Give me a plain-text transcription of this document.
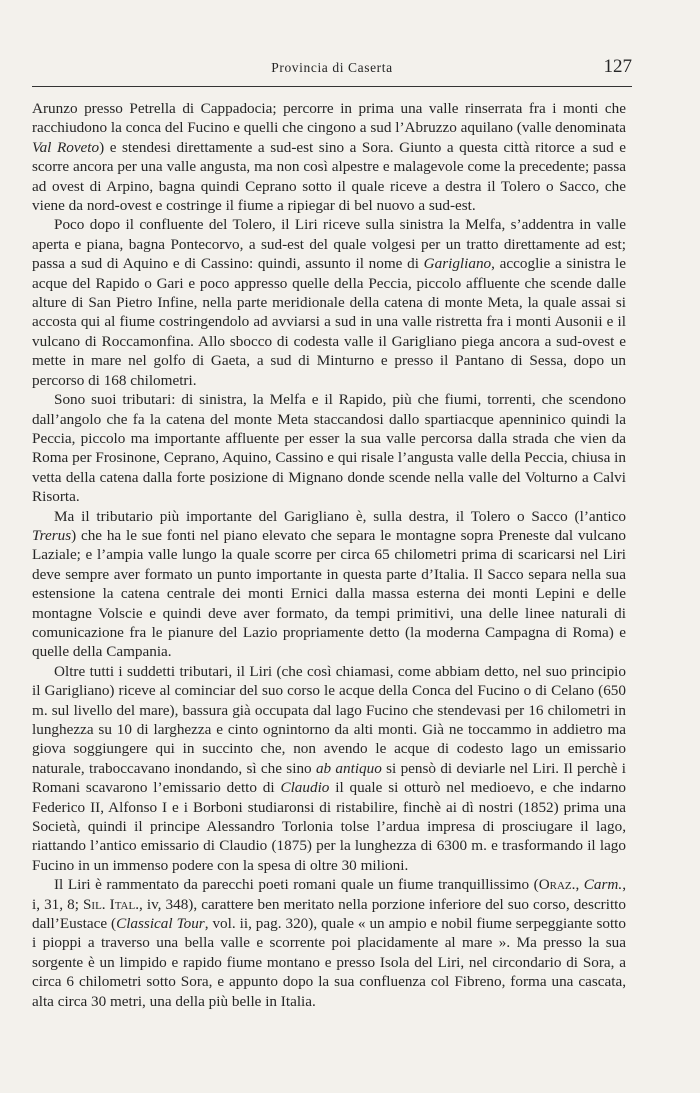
Provincia di Caserta	127

Arunzo presso Petrella di Cappadocia; percorre in prima una valle rinserrata fra i monti che racchiudono la conca del Fucino e quelli che cingono a sud l’Abruzzo aquilano (valle denominata Val Roveto) e stendesi direttamente a sud-est sino a Sora. Giunto a questa città ritorce a sud e scorre ancora per una valle angusta, ma non così alpestre e malagevole come la precedente; passa ad ovest di Arpino, bagna quindi Ceprano sotto il quale riceve a destra il Tolero o Sacco, che viene da nord-ovest e costringe il fiume a ripiegar di bel nuovo a sud-est.

Poco dopo il confluente del Tolero, il Liri riceve sulla sinistra la Melfa, s’addentra in valle aperta e piana, bagna Pontecorvo, a sud-est del quale volgesi per un tratto direttamente ad est; passa a sud di Aquino e di Cassino: quindi, assunto il nome di Garigliano, accoglie a sinistra le acque del Rapido o Gari e poco appresso quelle della Peccia, piccolo affluente che scende dalle alture di San Pietro Infine, nella parte meridionale della catena di monte Meta, la quale assai si accosta qui al fiume costringendolo ad avviarsi a sud in una valle ristretta fra i monti Ausonii e il vulcano di Roccamonfina. Allo sbocco di codesta valle il Garigliano piega ancora a sud-ovest e mette in mare nel golfo di Gaeta, a sud di Minturno e presso il Pantano di Sessa, dopo un percorso di 168 chilometri.

Sono suoi tributari: di sinistra, la Melfa e il Rapido, più che fiumi, torrenti, che scendono dall’angolo che fa la catena del monte Meta staccandosi dallo spartiacque apenninico quindi la Peccia, piccolo ma importante affluente per esser la sua valle percorsa dalla strada che vien da Roma per Frosinone, Ceprano, Aquino, Cassino e qui risale l’angusta valle della Peccia, chiusa in vetta della catena dalla forte posizione di Mignano donde scende nella valle del Volturno a Calvi Risorta.

Ma il tributario più importante del Garigliano è, sulla destra, il Tolero o Sacco (l’antico Trerus) che ha le sue fonti nel piano elevato che separa le montagne sopra Preneste dal vulcano Laziale; e l’ampia valle lungo la quale scorre per circa 65 chilometri prima di scaricarsi nel Liri deve sempre aver formato un punto importante in questa parte d’Italia. Il Sacco separa nella sua estensione la catena centrale dei monti Ernici dalla massa esterna dei monti Lepini e delle montagne Volscie e quindi deve aver formato, da tempi primitivi, una delle linee naturali di comunicazione fra le pianure del Lazio propriamente detto (la moderna Campagna di Roma) e quelle della Campania.

Oltre tutti i suddetti tributari, il Liri (che così chiamasi, come abbiam detto, nel suo principio il Garigliano) riceve al cominciar del suo corso le acque della Conca del Fucino o di Celano (650 m. sul livello del mare), bassura già occupata dal lago Fucino che stendevasi per 16 chilometri in lunghezza su 10 di larghezza e cinto ognintorno da alti monti. Già ne toccammo in addietro ma giova soggiungere qui in succinto che, non avendo le acque di codesto lago un emissario naturale, traboccavano inondando, sì che sino ab antiquo si pensò di deviarle nel Liri. Il perchè i Romani scavarono l’emissario detto di Claudio il quale si otturò nel medioevo, e che indarno Federico II, Alfonso I e i Borboni studiaronsi di ristabilire, finchè ai dì nostri (1852) prima una Società, quindi il principe Alessandro Torlonia tolse l’ardua impresa di prosciugare il lago, riattando l’antico emissario di Claudio (1875) per la lunghezza di 6300 m. e trasformando il lago Fucino in un immenso podere con la spesa di oltre 30 milioni.

Il Liri è rammentato da parecchi poeti romani quale un fiume tranquillissimo (Oraz., Carm., i, 31, 8; Sil. Ital., iv, 348), carattere ben meritato nella porzione inferiore del suo corso, descritto dall’Eustace (Classical Tour, vol. ii, pag. 320), quale « un ampio e nobil fiume serpeggiante sotto i pioppi a traverso una bella valle e scorrente poi placidamente al mare ». Ma presso la sua sorgente è un limpido e rapido fiume montano e presso Isola del Liri, nel circondario di Sora, a circa 6 chilometri sotto Sora, e appunto dopo la sua confluenza col Fibreno, forma una cascata, alta circa 30 metri, una della più belle in Italia.
